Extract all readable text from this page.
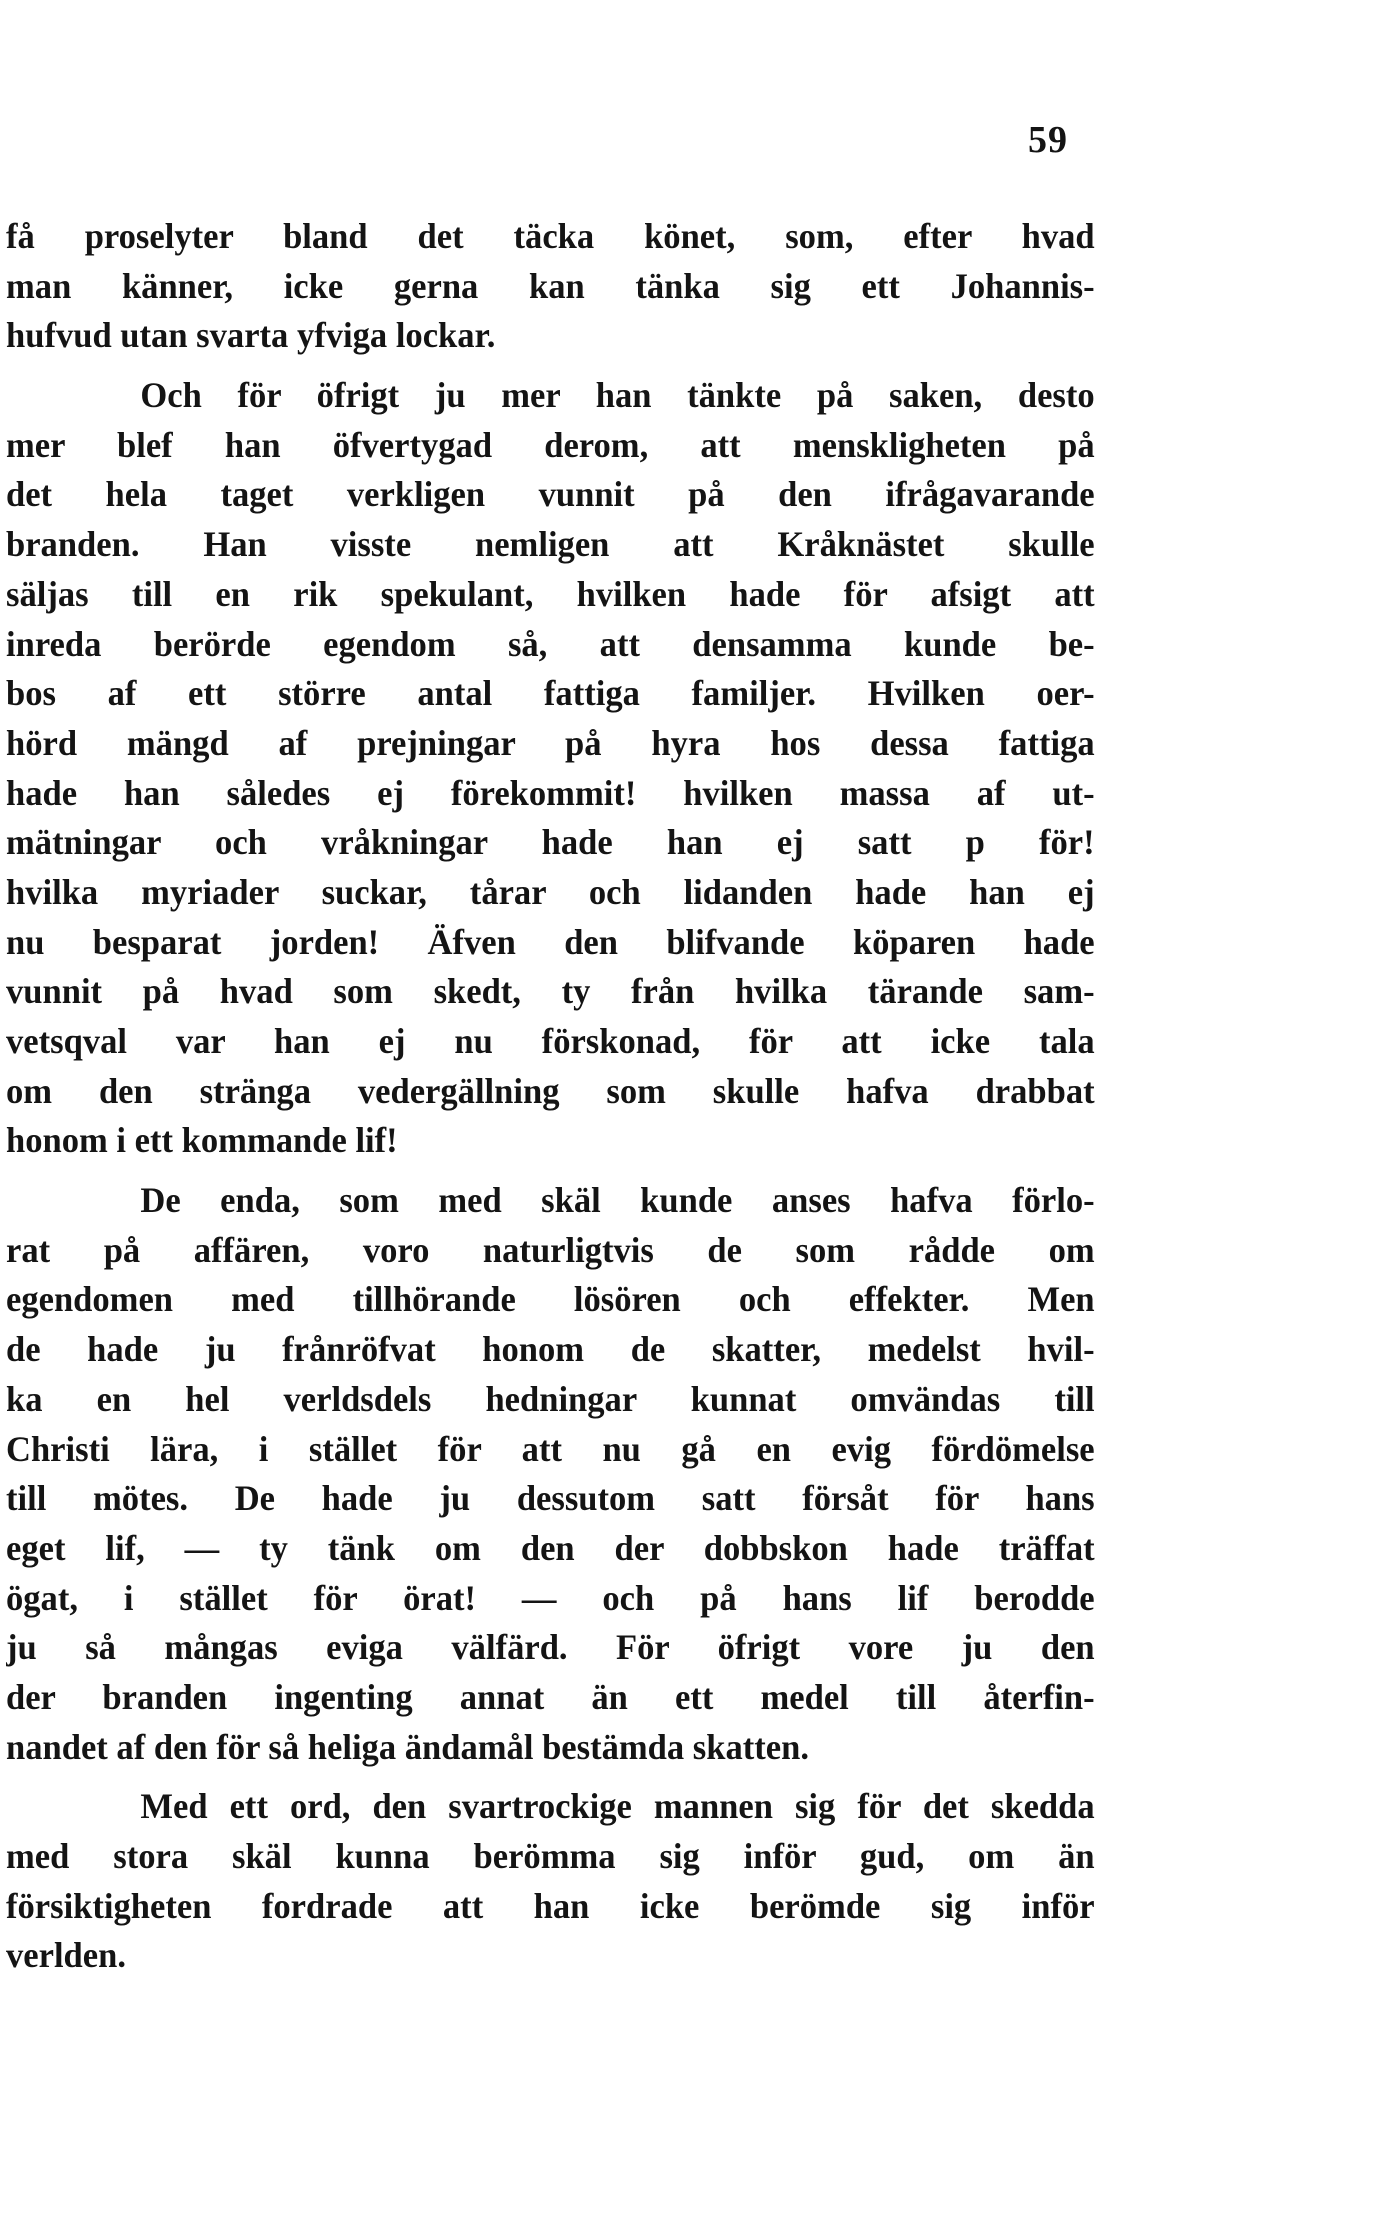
59
få proselyter bland det täcka könet, som, efter hvad
man känner, icke gerna kan tänka sig ett Johannis-
hufvud utan svarta yfviga lockar.
Och för öfrigt ju mer han tänkte på saken, desto
mer blef han öfvertygad derom, att menskligheten på
det hela taget verkligen vunnit på den ifrågavarande
branden. Han visste nemligen att Kråknästet skulle
säljas till en rik spekulant, hvilken hade för afsigt att
inreda berörde egendom så, att densamma kunde be-
bos af ett större antal fattiga familjer. Hvilken oer-
hörd mängd af prejningar på hyra hos dessa fattiga
hade han således ej förekommit! hvilken massa af ut-
mätningar och vråkningar hade han ej satt p för!
hvilka myriader suckar, tårar och lidanden hade han ej
nu besparat jorden! Äfven den blifvande köparen hade
vunnit på hvad som skedt, ty från hvilka tärande sam-
vetsqval var han ej nu förskonad, för att icke tala
om den stränga vedergällning som skulle hafva drabbat
honom i ett kommande lif!
De enda, som med skäl kunde anses hafva förlo-
rat på affären, voro naturligtvis de som rådde om
egendomen med tillhörande lösören och effekter. Men
de hade ju frånröfvat honom de skatter, medelst hvil-
ka en hel verldsdels hedningar kunnat omvändas till
Christi lära, i stället för att nu gå en evig fördömelse
till mötes. De hade ju dessutom satt försåt för hans
eget lif, — ty tänk om den der dobbskon hade träffat
ögat, i stället för örat! — och på hans lif berodde
ju så mångas eviga välfärd. För öfrigt vore ju den
der branden ingenting annat än ett medel till återfin-
nandet af den för så heliga ändamål bestämda skatten.
Med ett ord, den svartrockige mannen sig för det skedda
med stora skäl kunna berömma sig inför gud, om än
försiktigheten fordrade att han icke berömde sig inför
verlden.
